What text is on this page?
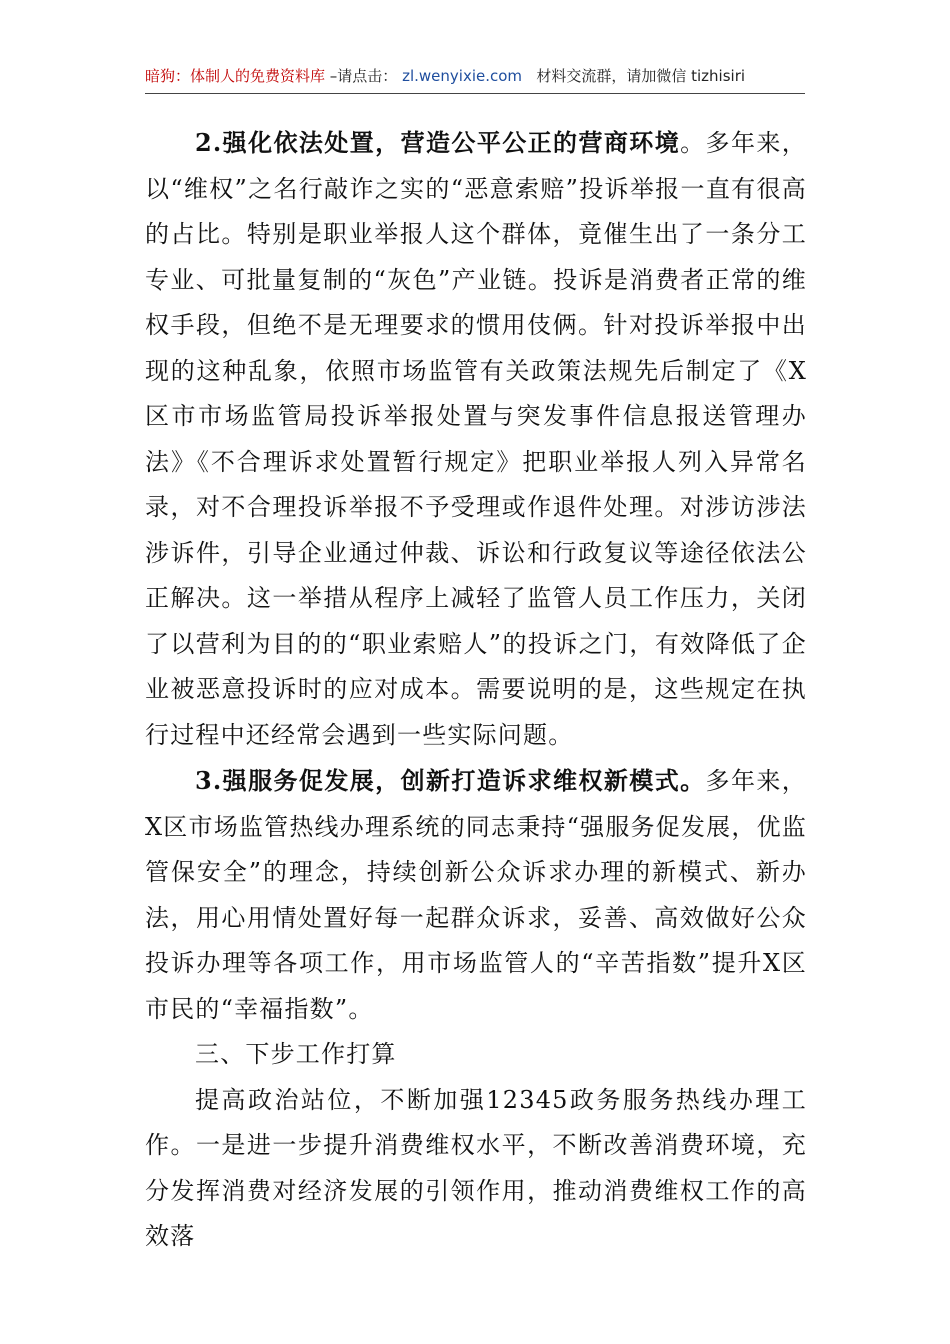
暗狗：体制人的免费资料库 –请点击： zl.wenyixie.com 材料交流群，请加微信 tizhisiri

2.强化依法处置，营造公平公正的营商环境。多年来，以“维权”之名行敲诈之实的“恶意索赔”投诉举报一直有很高的占比。特别是职业举报人这个群体，竟催生出了一条分工专业、可批量复制的“灰色”产业链。投诉是消费者正常的维权手段，但绝不是无理要求的惯用伎俩。针对投诉举报中出现的这种乱象，依照市场监管有关政策法规先后制定了《X区市市场监管局投诉举报处置与突发事件信息报送管理办法》《不合理诉求处置暂行规定》把职业举报人列入异常名录，对不合理投诉举报不予受理或作退件处理。对涉访涉法涉诉件，引导企业通过仲裁、诉讼和行政复议等途径依法公正解决。这一举措从程序上减轻了监管人员工作压力，关闭了以营利为目的的“职业索赔人”的投诉之门，有效降低了企业被恶意投诉时的应对成本。需要说明的是，这些规定在执行过程中还经常会遇到一些实际问题。

3.强服务促发展，创新打造诉求维权新模式。多年来，X区市场监管热线办理系统的同志秉持“强服务促发展，优监管保安全”的理念，持续创新公众诉求办理的新模式、新办法，用心用情处置好每一起群众诉求，妥善、高效做好公众投诉办理等各项工作，用市场监管人的“辛苦指数”提升X区市民的“幸福指数”。

三、下步工作打算

提高政治站位，不断加强12345政务服务热线办理工作。一是进一步提升消费维权水平，不断改善消费环境，充分发挥消费对经济发展的引领作用，推动消费维权工作的高效落
